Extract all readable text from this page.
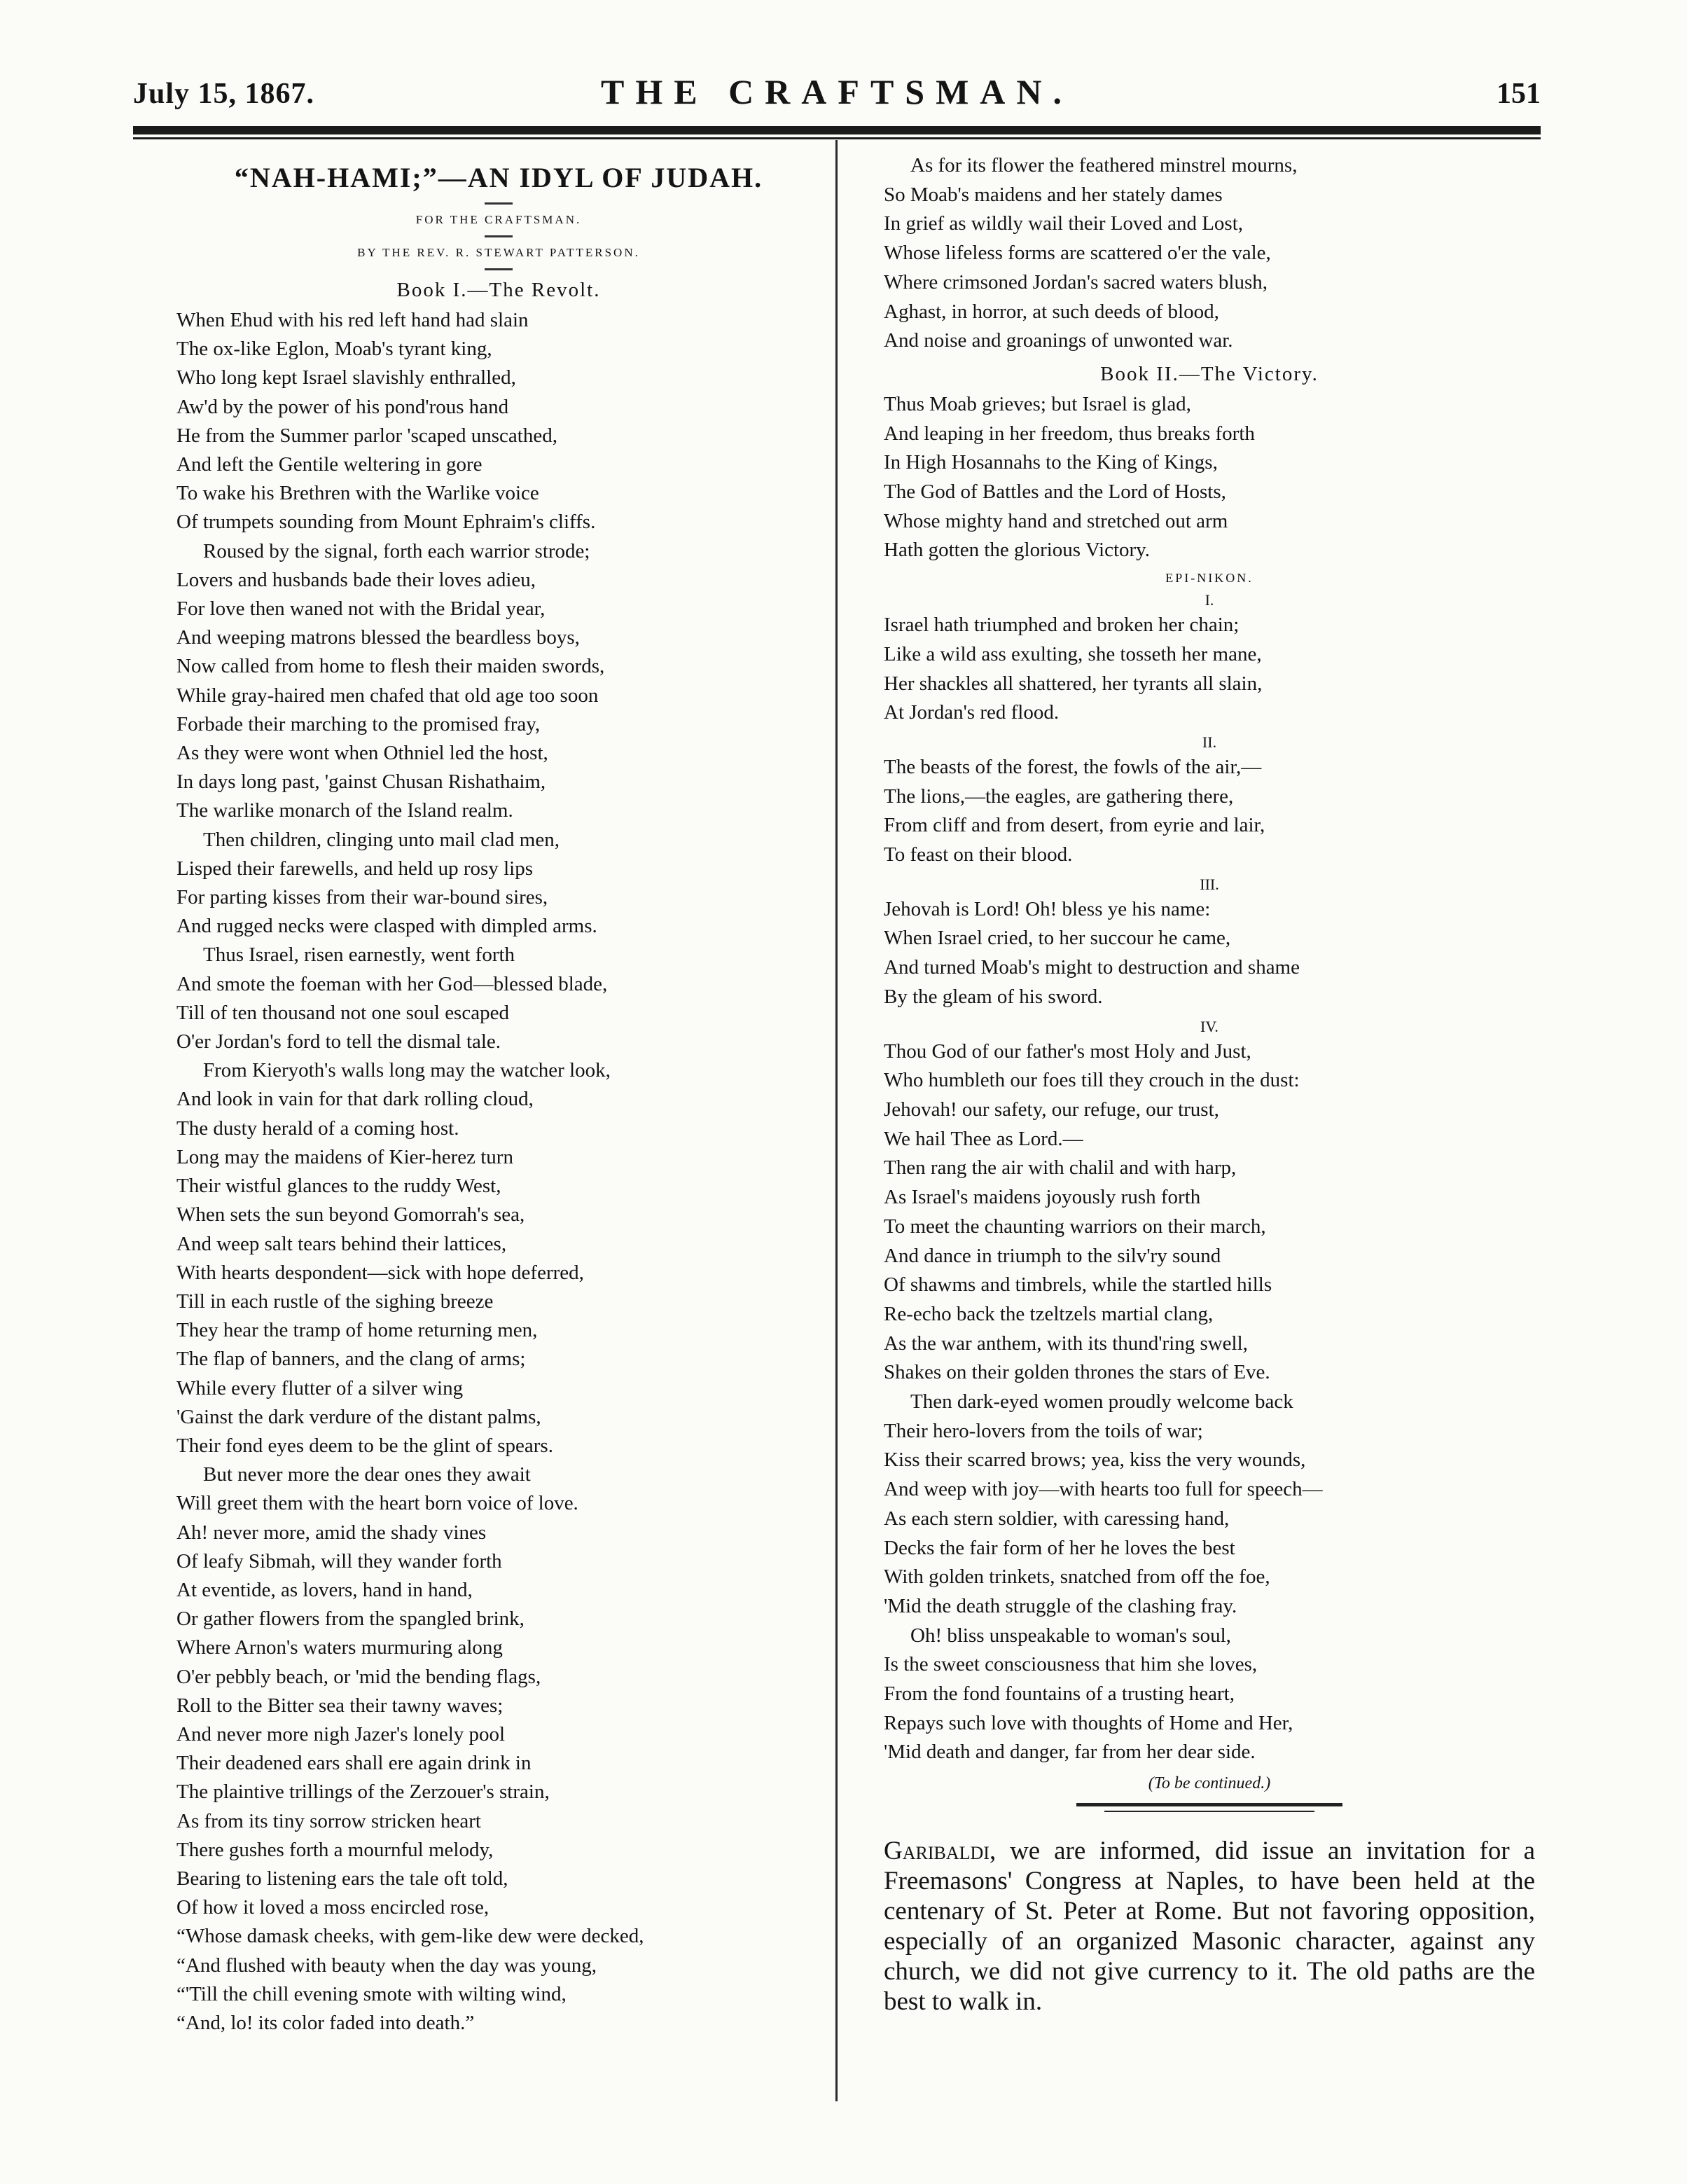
July 15, 1867.	THE CRAFTSMAN.	151
“NAH-HAMI;”—AN IDYL OF JUDAH.
FOR THE CRAFTSMAN.
BY THE REV. R. STEWART PATTERSON.
Book I.—The Revolt.
When Ehud with his red left hand had slain
The ox-like Eglon, Moab's tyrant king,
Who long kept Israel slavishly enthralled,
Aw'd by the power of his pond'rous hand
He from the Summer parlor 'scaped unscathed,
And left the Gentile weltering in gore
To wake his Brethren with the Warlike voice
Of trumpets sounding from Mount Ephraim's cliffs.
Roused by the signal, forth each warrior strode;
Lovers and husbands bade their loves adieu,
For love then waned not with the Bridal year,
And weeping matrons blessed the beardless boys,
Now called from home to flesh their maiden swords,
While gray-haired men chafed that old age too soon
Forbade their marching to the promised fray,
As they were wont when Othniel led the host,
In days long past, 'gainst Chusan Rishathaim,
The warlike monarch of the Island realm.
Then children, clinging unto mail clad men,
Lisped their farewells, and held up rosy lips
For parting kisses from their war-bound sires,
And rugged necks were clasped with dimpled arms.
Thus Israel, risen earnestly, went forth
And smote the foeman with her God—blessed blade,
Till of ten thousand not one soul escaped
O'er Jordan's ford to tell the dismal tale.
From Kieryoth's walls long may the watcher look,
And look in vain for that dark rolling cloud,
The dusty herald of a coming host.
Long may the maidens of Kier-herez turn
Their wistful glances to the ruddy West,
When sets the sun beyond Gomorrah's sea,
And weep salt tears behind their lattices,
With hearts despondent—sick with hope deferred,
Till in each rustle of the sighing breeze
They hear the tramp of home returning men,
The flap of banners, and the clang of arms;
While every flutter of a silver wing
'Gainst the dark verdure of the distant palms,
Their fond eyes deem to be the glint of spears.
But never more the dear ones they await
Will greet them with the heart born voice of love.
Ah! never more, amid the shady vines
Of leafy Sibmah, will they wander forth
At eventide, as lovers, hand in hand,
Or gather flowers from the spangled brink,
Where Arnon's waters murmuring along
O'er pebbly beach, or 'mid the bending flags,
Roll to the Bitter sea their tawny waves;
And never more nigh Jazer's lonely pool
Their deadened ears shall ere again drink in
The plaintive trillings of the Zerzouer's strain,
As from its tiny sorrow stricken heart
There gushes forth a mournful melody,
Bearing to listening ears the tale oft told,
Of how it loved a moss encircled rose,
“Whose damask cheeks, with gem-like dew were decked,
“And flushed with beauty when the day was young,
“'Till the chill evening smote with wilting wind,
“And, lo! its color faded into death.”
As for its flower the feathered minstrel mourns,
So Moab's maidens and her stately dames
In grief as wildly wail their Loved and Lost,
Whose lifeless forms are scattered o'er the vale,
Where crimsoned Jordan's sacred waters blush,
Aghast, in horror, at such deeds of blood,
And noise and groanings of unwonted war.
Book II.—The Victory.
Thus Moab grieves; but Israel is glad,
And leaping in her freedom, thus breaks forth
In High Hosannahs to the King of Kings,
The God of Battles and the Lord of Hosts,
Whose mighty hand and stretched out arm
Hath gotten the glorious Victory.
EPI-NIKON.
I.
Israel hath triumphed and broken her chain;
Like a wild ass exulting, she tosseth her mane,
Her shackles all shattered, her tyrants all slain,
At Jordan's red flood.
II.
The beasts of the forest, the fowls of the air,—
The lions,—the eagles, are gathering there,
From cliff and from desert, from eyrie and lair,
To feast on their blood.
III.
Jehovah is Lord! Oh! bless ye his name:
When Israel cried, to her succour he came,
And turned Moab's might to destruction and shame
By the gleam of his sword.
IV.
Thou God of our father's most Holy and Just,
Who humbleth our foes till they crouch in the dust:
Jehovah! our safety, our refuge, our trust,
We hail Thee as Lord.—
Then rang the air with chalil and with harp,
As Israel's maidens joyously rush forth
To meet the chaunting warriors on their march,
And dance in triumph to the silv'ry sound
Of shawms and timbrels, while the startled hills
Re-echo back the tzeltzels martial clang,
As the war anthem, with its thund'ring swell,
Shakes on their golden thrones the stars of Eve.
Then dark-eyed women proudly welcome back
Their hero-lovers from the toils of war;
Kiss their scarred brows; yea, kiss the very wounds,
And weep with joy—with hearts too full for speech—
As each stern soldier, with caressing hand,
Decks the fair form of her he loves the best
With golden trinkets, snatched from off the foe,
'Mid the death struggle of the clashing fray.
Oh! bliss unspeakable to woman's soul,
Is the sweet consciousness that him she loves,
From the fond fountains of a trusting heart,
Repays such love with thoughts of Home and Her,
'Mid death and danger, far from her dear side.
(To be continued.)
Garibaldi, we are informed, did issue an invitation for a Freemasons' Congress at Naples, to have been held at the centenary of St. Peter at Rome. But not favoring opposition, especially of an organized Masonic character, against any church, we did not give currency to it. The old paths are the best to walk in.
